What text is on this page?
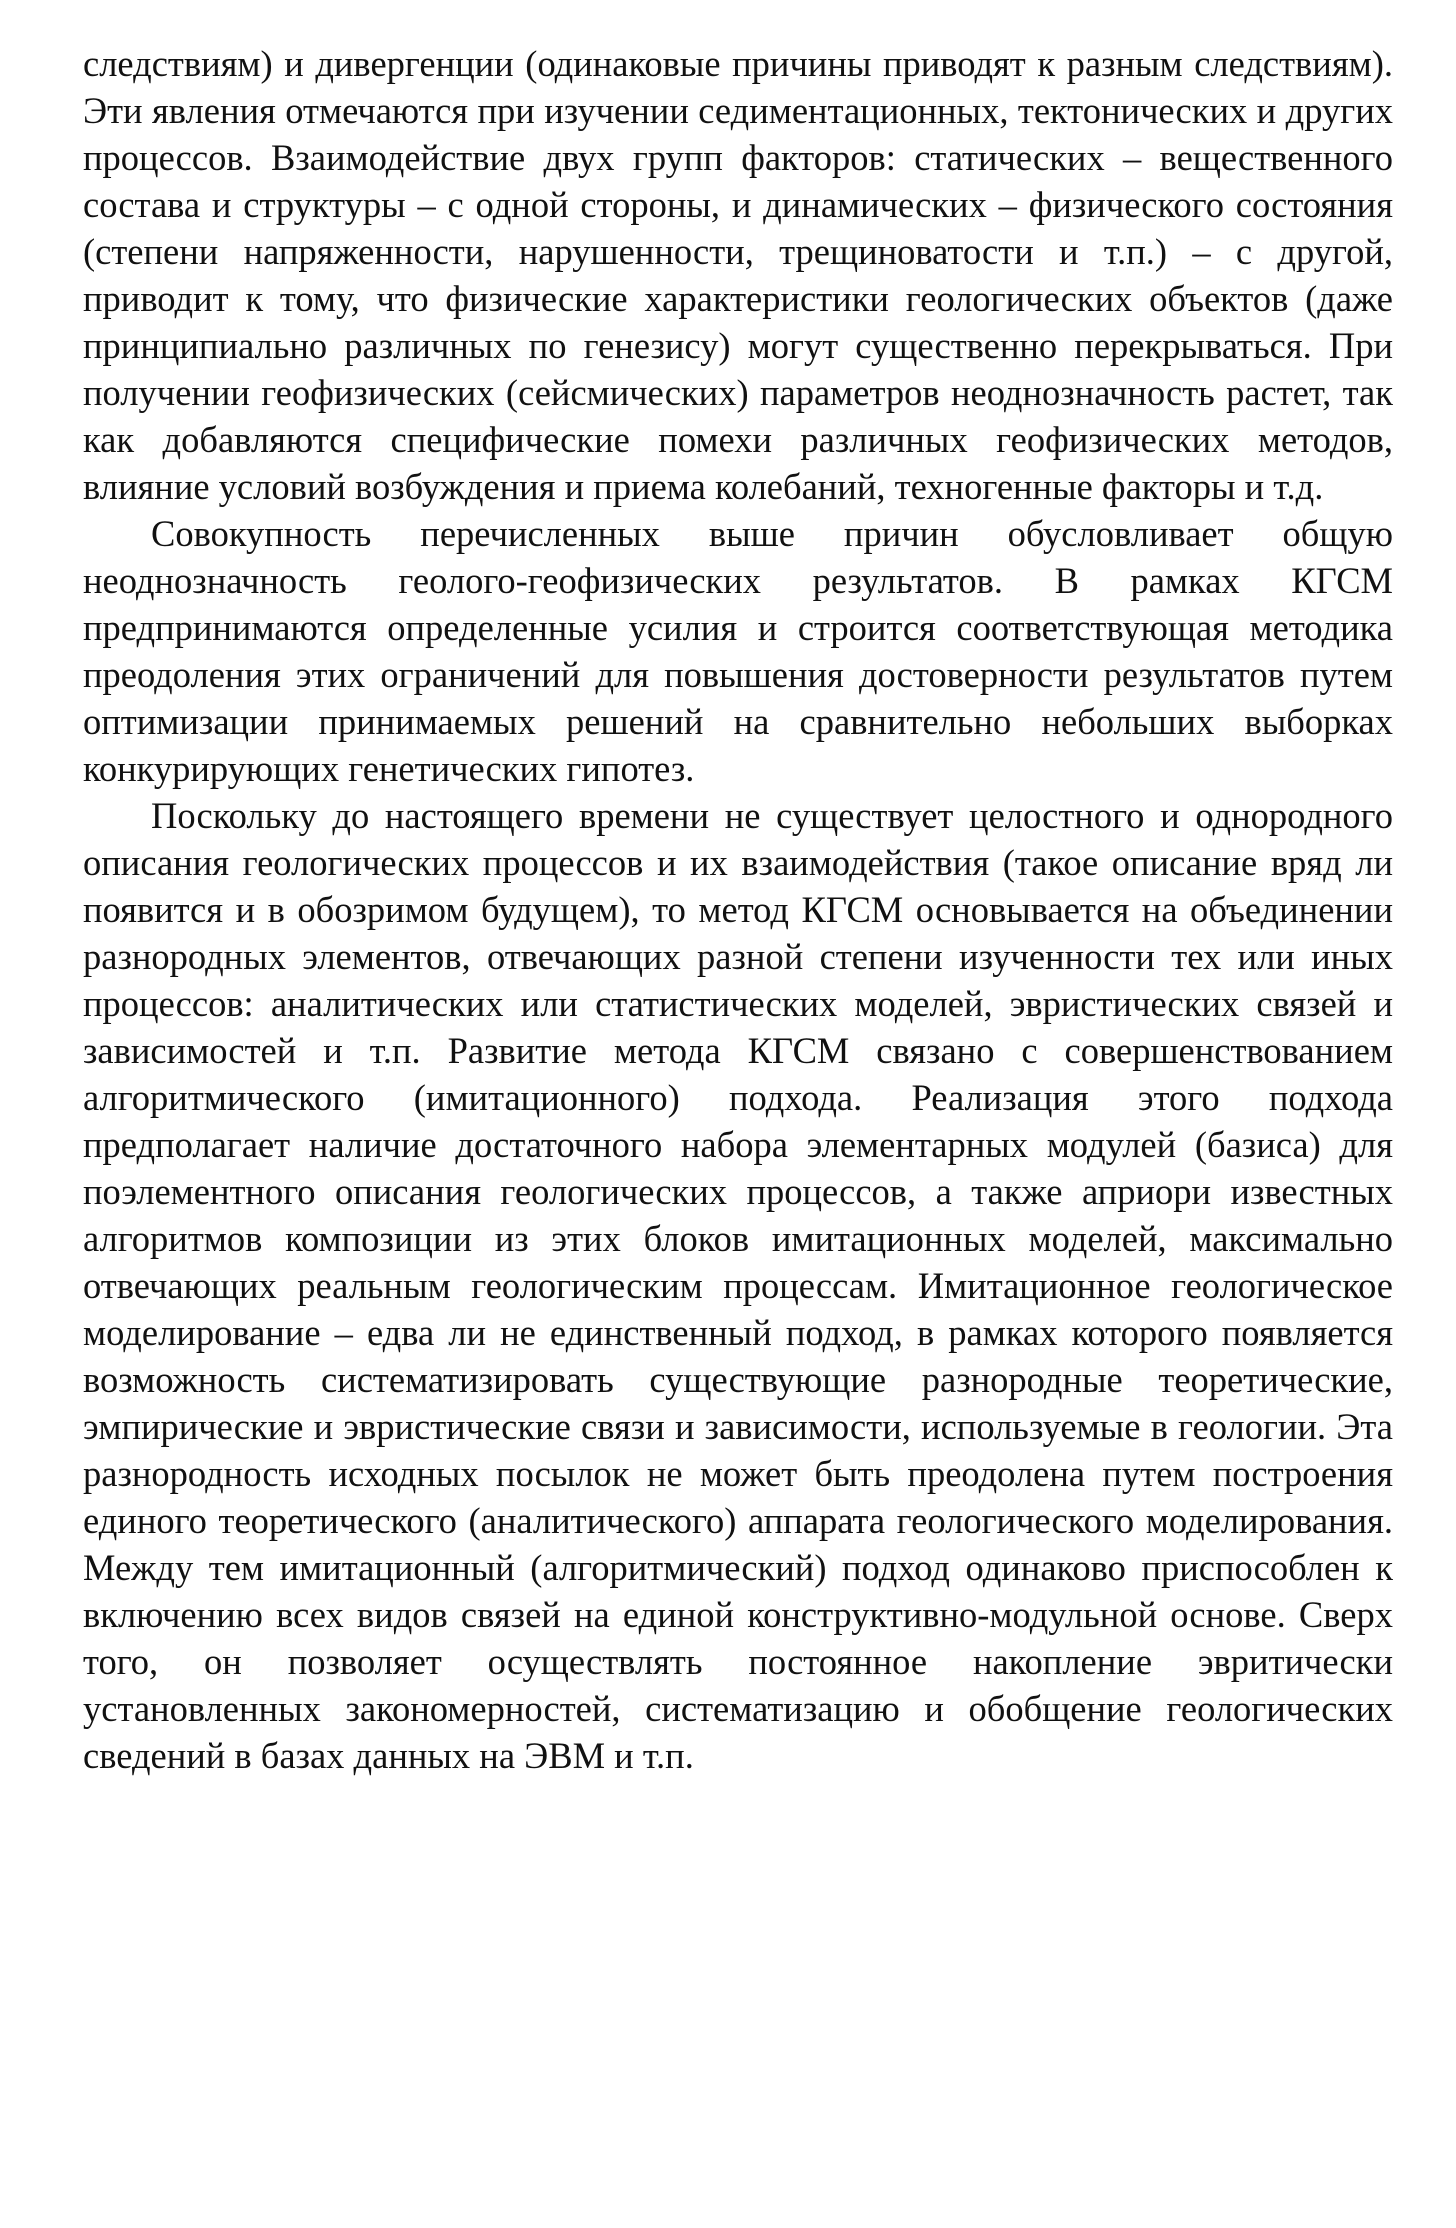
следствиям) и дивергенции (одинаковые причины приводят к разным следствиям). Эти явления отмечаются при изучении седиментационных, тектонических и других процессов. Взаимодействие двух групп факторов: статических – вещественного состава и структуры – с одной стороны, и динамических – физического состояния (степени напряженности, нарушенности, трещиноватости и т.п.) – с другой, приводит к тому, что физические характеристики геологических объектов (даже принципиально различных по генезису) могут существенно перекрываться. При получении геофизических (сейсмических) параметров неоднозначность растет, так как добавляются специфические помехи различных геофизических методов, влияние условий возбуждения и приема колебаний, техногенные факторы и т.д.

Совокупность перечисленных выше причин обусловливает общую неоднозначность геолого-геофизических результатов. В рамках КГСМ предпринимаются определенные усилия и строится соответствующая методика преодоления этих ограничений для повышения достоверности результатов путем оптимизации принимаемых решений на сравнительно небольших выборках конкурирующих генетических гипотез.

Поскольку до настоящего времени не существует целостного и однородного описания геологических процессов и их взаимодействия (такое описание вряд ли появится и в обозримом будущем), то метод КГСМ основывается на объединении разнородных элементов, отвечающих разной степени изученности тех или иных процессов: аналитических или статистических моделей, эвристических связей и зависимостей и т.п. Развитие метода КГСМ связано с совершенствованием алгоритмического (имитационного) подхода. Реализация этого подхода предполагает наличие достаточного набора элементарных модулей (базиса) для поэлементного описания геологических процессов, а также априори известных алгоритмов композиции из этих блоков имитационных моделей, максимально отвечающих реальным геологическим процессам. Имитационное геологическое моделирование – едва ли не единственный подход, в рамках которого появляется возможность систематизировать существующие разнородные теоретические, эмпирические и эвристические связи и зависимости, используемые в геологии. Эта разнородность исходных посылок не может быть преодолена путем построения единого теоретического (аналитического) аппарата геологического моделирования. Между тем имитационный (алгоритмический) подход одинаково приспособлен к включению всех видов связей на единой конструктивно-модульной основе. Сверх того, он позволяет осуществлять постоянное накопление эвритически установленных закономерностей, систематизацию и обобщение геологических сведений в базах данных на ЭВМ и т.п.
